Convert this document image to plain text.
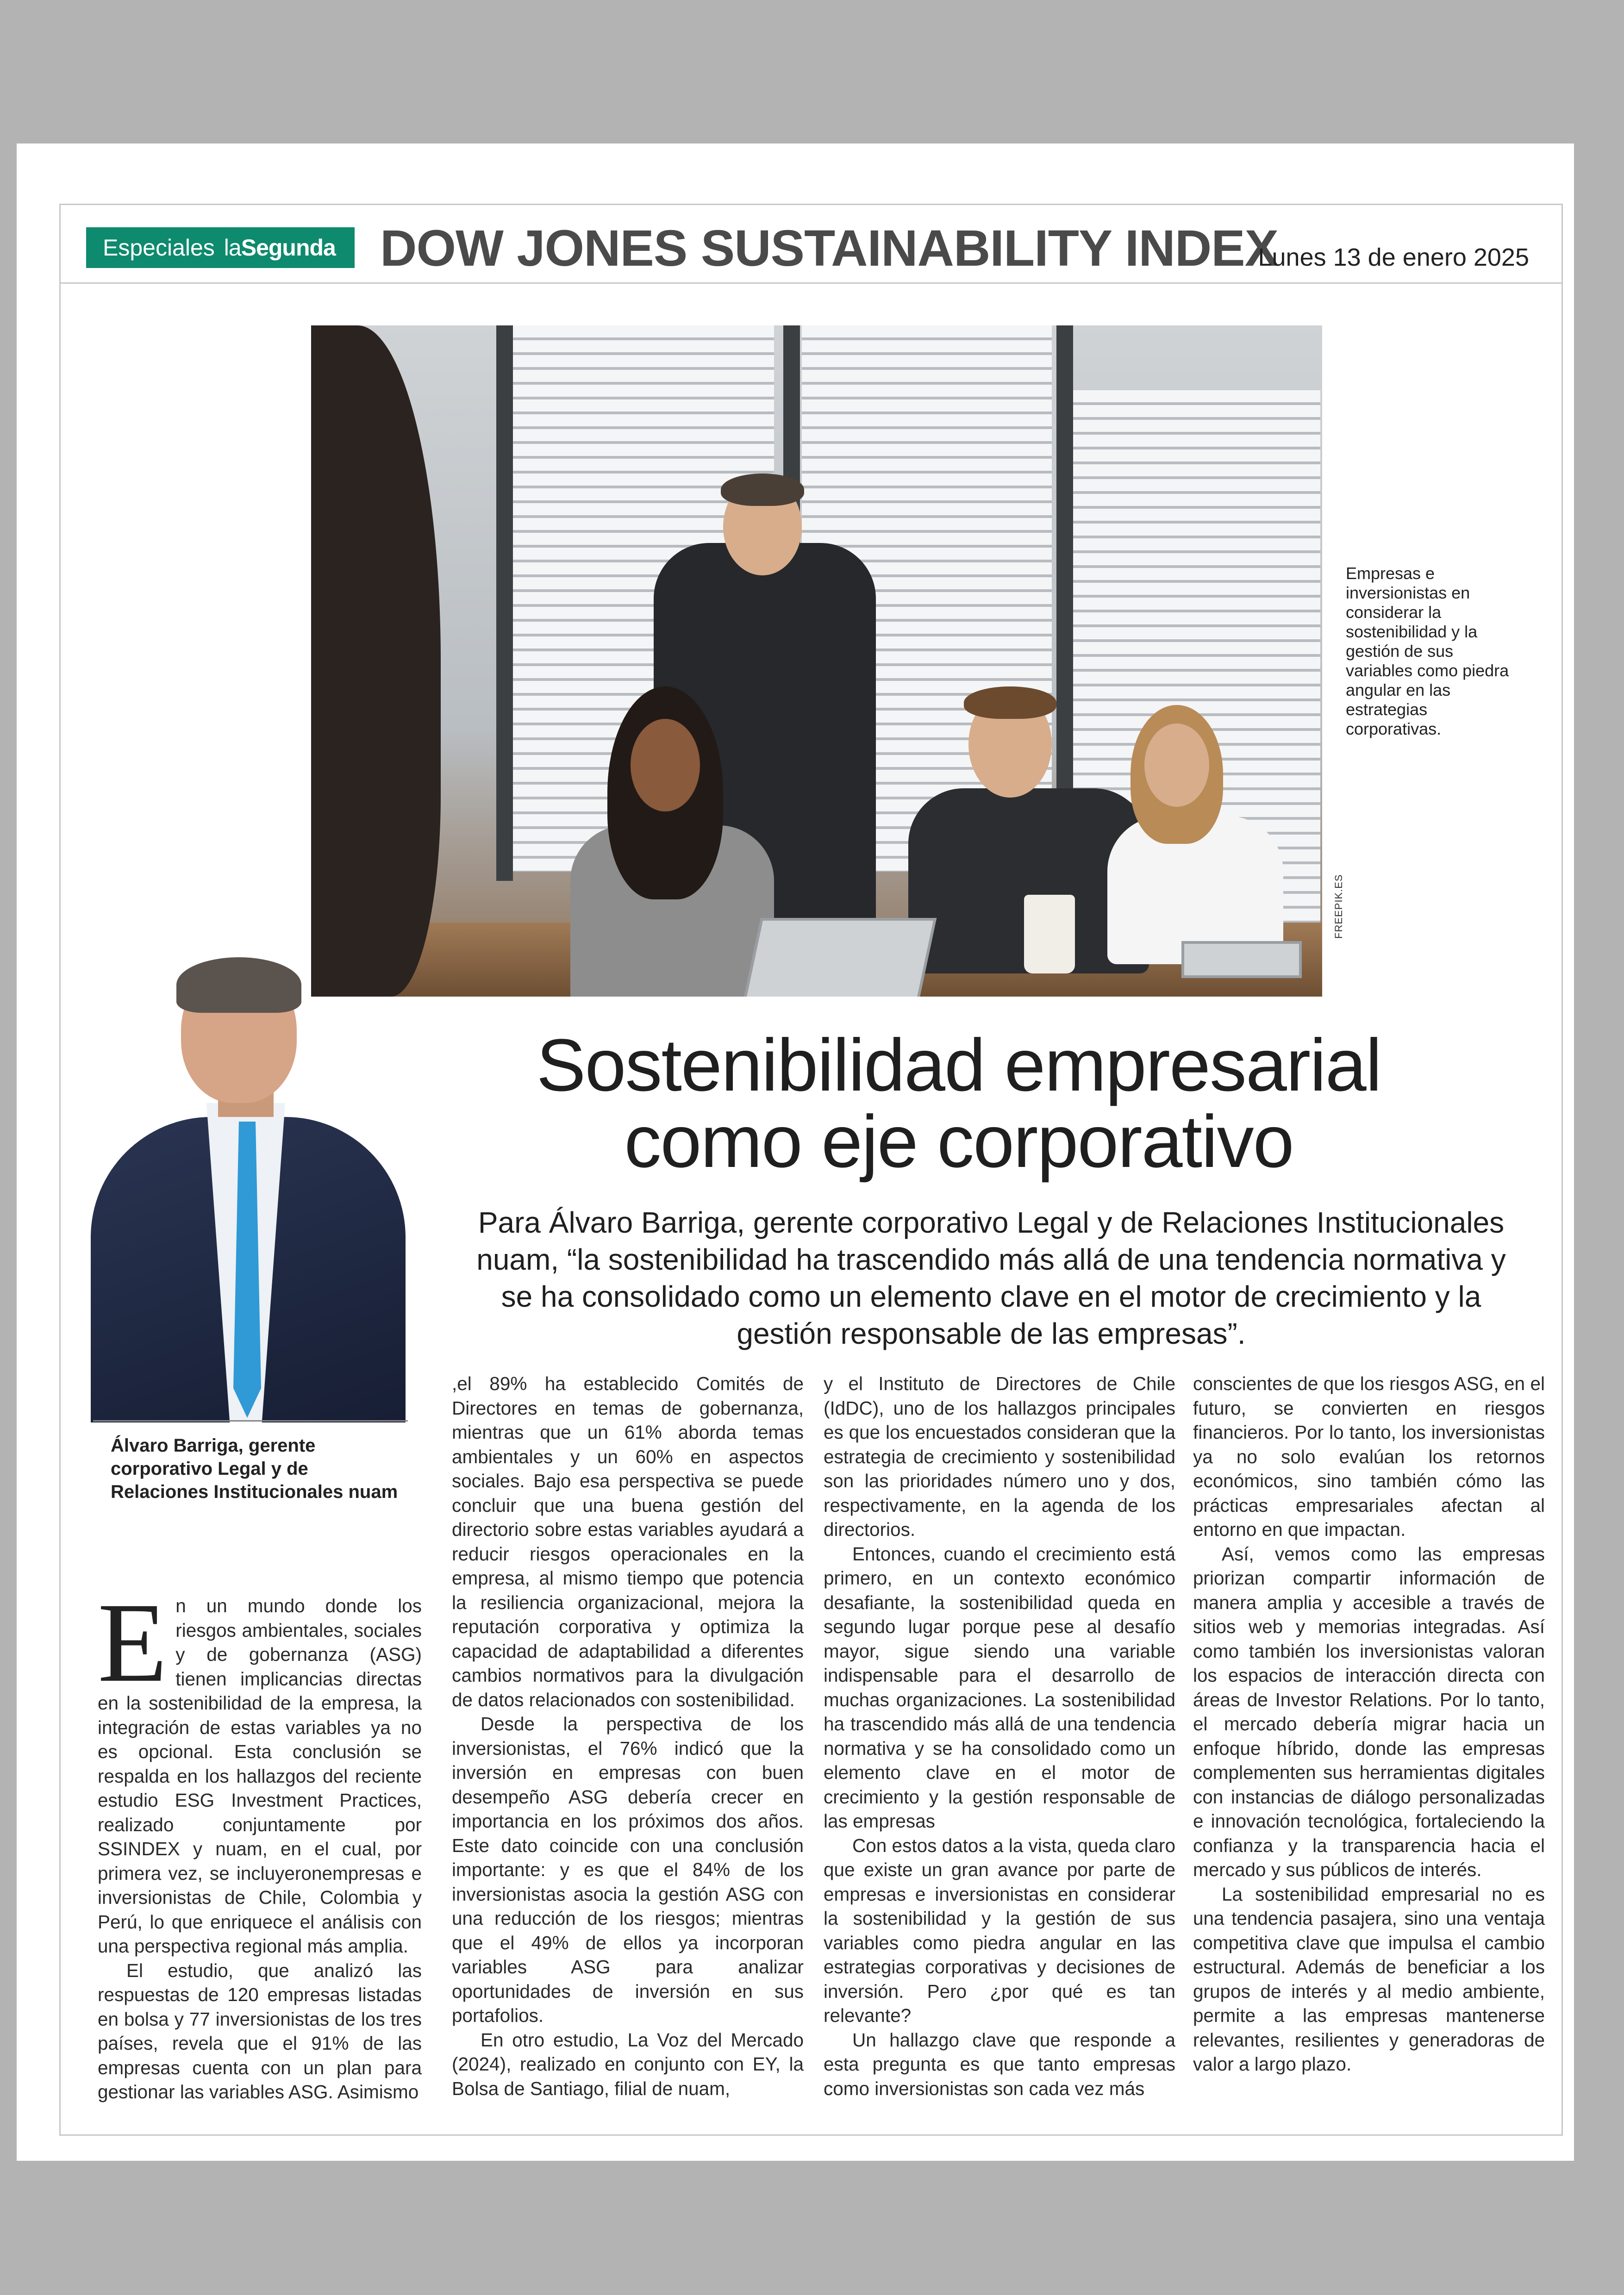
Especiales laSegunda DOW JONES SUSTAINABILITY INDEX
Lunes 13 de enero 2025
FREEPIK.ES
Empresas e inversionistas en considerar la sostenibilidad y la gestión de sus variables como piedra angular en las estrategias corporativas.
Álvaro Barriga, gerente corporativo Legal y de Relaciones Institucionales nuam
Sostenibilidad empresarial
como eje corporativo
Para Álvaro Barriga, gerente corporativo Legal y de Relaciones Institucionales nuam, “la sostenibilidad ha trascendido más allá de una tendencia normativa y se ha consolidado como un elemento clave en el motor de crecimiento y la gestión responsable de las empresas”.

En un mundo donde los riesgos ambientales, sociales y de gobernanza (ASG) tienen implicancias directas en la sostenibilidad de la empresa, la integración de estas variables ya no es opcional. Esta conclusión se respalda en los hallazgos del reciente estudio ESG Investment Practices, realizado conjuntamente por SSINDEX y nuam, en el cual, por primera vez, se incluyeronempresas e inversionistas de Chile, Colombia y Perú, lo que enriquece el análisis con una perspectiva regional más amplia.

El estudio, que analizó las respuestas de 120 empresas listadas en bolsa y 77 inversionistas de los tres países, revela que el 91% de las empresas cuenta con un plan para gestionar las variables ASG. Asimismo

,el 89% ha establecido Comités de Directores en temas de gobernanza, mientras que un 61% aborda temas ambientales y un 60% en aspectos sociales. Bajo esa perspectiva se puede concluir que una buena gestión del directorio sobre estas variables ayudará a reducir riesgos operacionales en la empresa, al mismo tiempo que potencia la resiliencia organizacional, mejora la reputación corporativa y optimiza la capacidad de adaptabilidad a diferentes cambios normativos para la divulgación de datos relacionados con sostenibilidad.

Desde la perspectiva de los inversionistas, el 76% indicó que la inversión en empresas con buen desempeño ASG debería crecer en importancia en los próximos dos años. Este dato coincide con una conclusión importante: y es que el 84% de los inversionistas asocia la gestión ASG con una reducción de los riesgos; mientras que el 49% de ellos ya incorporan variables ASG para analizar oportunidades de inversión en sus portafolios.

En otro estudio, La Voz del Mercado (2024), realizado en conjunto con EY, la Bolsa de Santiago, filial de nuam,

y el Instituto de Directores de Chile (IdDC), uno de los hallazgos principales es que los encuestados consideran que la estrategia de crecimiento y sostenibilidad son las prioridades número uno y dos, respectivamente, en la agenda de los directorios.

Entonces, cuando el crecimiento está primero, en un contexto económico desafiante, la sostenibilidad queda en segundo lugar porque pese al desafío mayor, sigue siendo una variable indispensable para el desarrollo de muchas organizaciones. La sostenibilidad ha trascendido más allá de una tendencia normativa y se ha consolidado como un elemento clave en el motor de crecimiento y la gestión responsable de las empresas

Con estos datos a la vista, queda claro que existe un gran avance por parte de empresas e inversionistas en considerar la sostenibilidad y la gestión de sus variables como piedra angular en las estrategias corporativas y decisiones de inversión. Pero ¿por qué es tan relevante?

Un hallazgo clave que responde a esta pregunta es que tanto empresas como inversionistas son cada vez más

conscientes de que los riesgos ASG, en el futuro, se convierten en riesgos financieros. Por lo tanto, los inversionistas ya no solo evalúan los retornos económicos, sino también cómo las prácticas empresariales afectan al entorno en que impactan.

Así, vemos como las empresas priorizan compartir información de manera amplia y accesible a través de sitios web y memorias integradas. Así como también los inversionistas valoran los espacios de interacción directa con áreas de Investor Relations. Por lo tanto, el mercado debería migrar hacia un enfoque híbrido, donde las empresas complementen sus herramientas digitales con instancias de diálogo personalizadas e innovación tecnológica, fortaleciendo la confianza y la transparencia hacia el mercado y sus públicos de interés.

La sostenibilidad empresarial no es una tendencia pasajera, sino una ventaja competitiva clave que impulsa el cambio estructural. Además de beneficiar a los grupos de interés y al medio ambiente, permite a las empresas mantenerse relevantes, resilientes y generadoras de valor a largo plazo.
